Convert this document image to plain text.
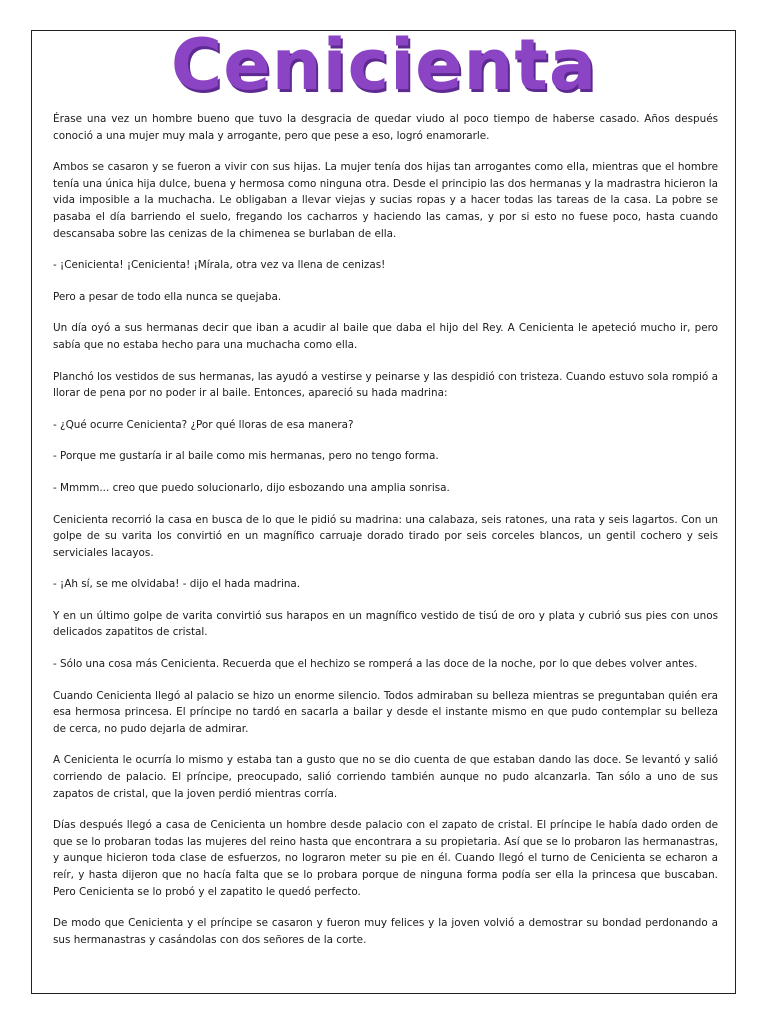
Cenicienta

Érase una vez un hombre bueno que tuvo la desgracia de quedar viudo al poco tiempo de haberse casado. Años después conoció a una mujer muy mala y arrogante, pero que pese a eso, logró enamorarle.

Ambos se casaron y se fueron a vivir con sus hijas. La mujer tenía dos hijas tan arrogantes como ella, mientras que el hombre tenía una única hija dulce, buena y hermosa como ninguna otra. Desde el principio las dos hermanas y la madrastra hicieron la vida imposible a la muchacha. Le obligaban a llevar viejas y sucias ropas y a hacer todas las tareas de la casa. La pobre se pasaba el día barriendo el suelo, fregando los cacharros y haciendo las camas, y por si esto no fuese poco, hasta cuando descansaba sobre las cenizas de la chimenea se burlaban de ella.

- ¡Cenicienta! ¡Cenicienta! ¡Mírala, otra vez va llena de cenizas!

Pero a pesar de todo ella nunca se quejaba.

Un día oyó a sus hermanas decir que iban a acudir al baile que daba el hijo del Rey. A Cenicienta le apeteció mucho ir, pero sabía que no estaba hecho para una muchacha como ella.

Planchó los vestidos de sus hermanas, las ayudó a vestirse y peinarse y las despidió con tristeza. Cuando estuvo sola rompió a llorar de pena por no poder ir al baile. Entonces, apareció su hada madrina:

- ¿Qué ocurre Cenicienta? ¿Por qué lloras de esa manera?

- Porque me gustaría ir al baile como mis hermanas, pero no tengo forma.

- Mmmm... creo que puedo solucionarlo, dijo esbozando una amplia sonrisa.

Cenicienta recorrió la casa en busca de lo que le pidió su madrina: una calabaza, seis ratones, una rata y seis lagartos. Con un golpe de su varita los convirtió en un magnífico carruaje dorado tirado por seis corceles blancos, un gentil cochero y seis serviciales lacayos.

- ¡Ah sí, se me olvidaba! - dijo el hada madrina.

Y en un último golpe de varita convirtió sus harapos en un magnífico vestido de tisú de oro y plata y cubrió sus pies con unos delicados zapatitos de cristal.

- Sólo una cosa más Cenicienta. Recuerda que el hechizo se romperá a las doce de la noche, por lo que debes volver antes.

Cuando Cenicienta llegó al palacio se hizo un enorme silencio. Todos admiraban su belleza mientras se preguntaban quién era esa hermosa princesa. El príncipe no tardó en sacarla a bailar y desde el instante mismo en que pudo contemplar su belleza de cerca, no pudo dejarla de admirar.

A Cenicienta le ocurría lo mismo y estaba tan a gusto que no se dio cuenta de que estaban dando las doce. Se levantó y salió corriendo de palacio. El príncipe, preocupado, salió corriendo también aunque no pudo alcanzarla. Tan sólo a uno de sus zapatos de cristal, que la joven perdió mientras corría.

Días después llegó a casa de Cenicienta un hombre desde palacio con el zapato de cristal. El príncipe le había dado orden de que se lo probaran todas las mujeres del reino hasta que encontrara a su propietaria. Así que se lo probaron las hermanastras, y aunque hicieron toda clase de esfuerzos, no lograron meter su pie en él. Cuando llegó el turno de Cenicienta se echaron a reír, y hasta dijeron que no hacía falta que se lo probara porque de ninguna forma podía ser ella la princesa que buscaban. Pero Cenicienta se lo probó y el zapatito le quedó perfecto.

De modo que Cenicienta y el príncipe se casaron y fueron muy felices y la joven volvió a demostrar su bondad perdonando a sus hermanastras y casándolas con dos señores de la corte.
